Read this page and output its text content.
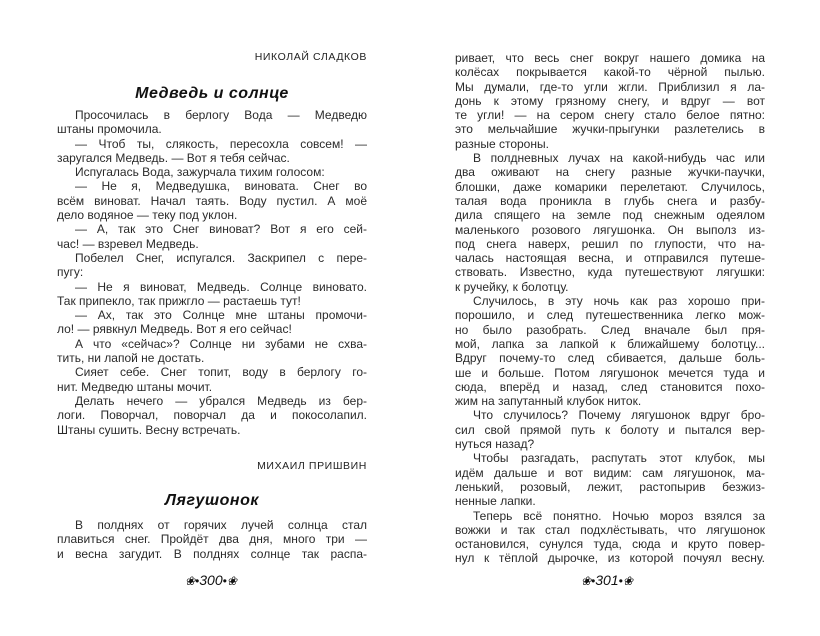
НИКОЛАЙ СЛАДКОВ
Медведь и солнце
Просочилась в берлогу Вода — Медведю
штаны промочила.
— Чтоб ты, слякость, пересохла совсем! —
заругался Медведь. — Вот я тебя сейчас.
Испугалась Вода, зажурчала тихим голосом:
— Не я, Медведушка, виновата. Снег во
всём виноват. Начал таять. Воду пустил. А моё
дело водяное — теку под уклон.
— А, так это Снег виноват? Вот я его сей-
час! — взревел Медведь.
Побелел Снег, испугался. Заскрипел с пере-
пугу:
— Не я виноват, Медведь. Солнце виновато.
Так припекло, так прижгло — растаешь тут!
— Ах, так это Солнце мне штаны промочи-
ло! — рявкнул Медведь. Вот я его сейчас!
А что «сейчас»? Солнце ни зубами не схва-
тить, ни лапой не достать.
Сияет себе. Снег топит, воду в берлогу го-
нит. Медведю штаны мочит.
Делать нечего — убрался Медведь из бер-
логи. Поворчал, поворчал да и покосолапил.
Штаны сушить. Весну встречать.
МИХАИЛ ПРИШВИН
Лягушонок
В полднях от горячих лучей солнца стал
плавиться снег. Пройдёт два дня, много три —
и весна загудит. В полднях солнце так распа-
❀•300•❀
ривает, что весь снег вокруг нашего домика на
колёсах покрывается какой-то чёрной пылью.
Мы думали, где-то угли жгли. Приблизил я ла-
донь к этому грязному снегу, и вдруг — вот
те угли! — на сером снегу стало белое пятно:
это мельчайшие жучки-прыгунки разлетелись в
разные стороны.
В полдневных лучах на какой-нибудь час или
два оживают на снегу разные жучки-паучки,
блошки, даже комарики перелетают. Случилось,
талая вода проникла в глубь снега и разбу-
дила спящего на земле под снежным одеялом
маленького розового лягушонка. Он выполз из-
под снега наверх, решил по глупости, что на-
чалась настоящая весна, и отправился путеше-
ствовать. Известно, куда путешествуют лягушки:
к ручейку, к болотцу.
Случилось, в эту ночь как раз хорошо при-
порошило, и след путешественника легко мож-
но было разобрать. След вначале был пря-
мой, лапка за лапкой к ближайшему болотцу...
Вдруг почему-то след сбивается, дальше боль-
ше и больше. Потом лягушонок мечется туда и
сюда, вперёд и назад, след становится похо-
жим на запутанный клубок ниток.
Что случилось? Почему лягушонок вдруг бро-
сил свой прямой путь к болоту и пытался вер-
нуться назад?
Чтобы разгадать, распутать этот клубок, мы
идём дальше и вот видим: сам лягушонок, ма-
ленький, розовый, лежит, растопырив безжиз-
ненные лапки.
Теперь всё понятно. Ночью мороз взялся за
вожжи и так стал подхлёстывать, что лягушонок
остановился, сунулся туда, сюда и круто повер-
нул к тёплой дырочке, из которой почуял весну.
❀•301•❀
